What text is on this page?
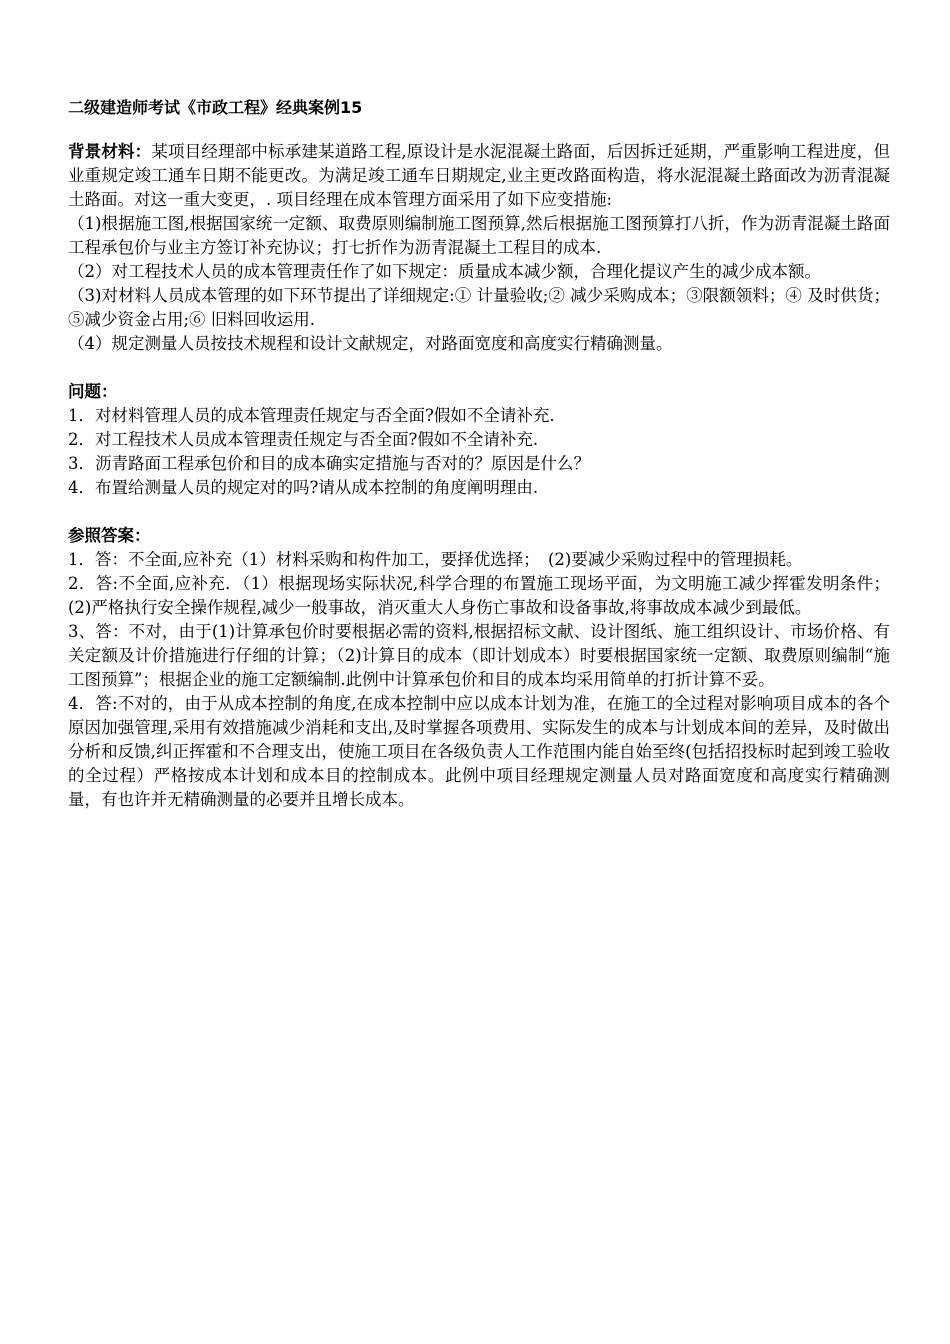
二级建造师考试《市政工程》经典案例15

背景材料：某项目经理部中标承建某道路工程,原设计是水泥混凝土路面，后因拆迁延期，严重影响工程进度，但业重规定竣工通车日期不能更改。为满足竣工通车日期规定,业主更改路面构造，将水泥混凝土路面改为沥青混凝土路面。对这一重大变更，. 项目经理在成本管理方面采用了如下应变措施:

（1)根据施工图,根据国家统一定额、取费原则编制施工图预算,然后根据施工图预算打八折，作为沥青混凝土路面工程承包价与业主方签订补充协议；打七折作为沥青混凝土工程目的成本.

（2）对工程技术人员的成本管理责任作了如下规定：质量成本减少额，合理化提议产生的减少成本额。

（3)对材料人员成本管理的如下环节提出了详细规定:① 计量验收;② 减少采购成本；③限额领料；④ 及时供货；⑤减少资金占用;⑥ 旧料回收运用.

（4）规定测量人员按技术规程和设计文献规定，对路面宽度和高度实行精确测量。

问题：

1．对材料管理人员的成本管理责任规定与否全面?假如不全请补充.

2．对工程技术人员成本管理责任规定与否全面?假如不全请补充.

3．沥青路面工程承包价和目的成本确实定措施与否对的？原因是什么？

4．布置给测量人员的规定对的吗?请从成本控制的角度阐明理由.

参照答案：

1．答：不全面,应补充（1）材料采购和构件加工，要择优选择；　(2)要减少采购过程中的管理损耗。

2．答:不全面,应补充．（1）根据现场实际状况,科学合理的布置施工现场平面，为文明施工减少挥霍发明条件；(2)严格执行安全操作规程,减少一般事故，消灭重大人身伤亡事故和设备事故,将事故成本减少到最低。

3、答：不对，由于(1)计算承包价时要根据必需的资料,根据招标文献、设计图纸、施工组织设计、市场价格、有关定额及计价措施进行仔细的计算；（2)计算目的成本（即计划成本）时要根据国家统一定额、取费原则编制“施工图预算”；根据企业的施工定额编制.此例中计算承包价和目的成本均采用简单的打折计算不妥。

4．答:不对的，由于从成本控制的角度,在成本控制中应以成本计划为准，在施工的全过程对影响项目成本的各个原因加强管理,采用有效措施减少消耗和支出,及时掌握各项费用、实际发生的成本与计划成本间的差异，及时做出分析和反馈,纠正挥霍和不合理支出，使施工项目在各级负责人工作范围内能自始至终(包括招投标时起到竣工验收的全过程）严格按成本计划和成本目的控制成本。此例中项目经理规定测量人员对路面宽度和高度实行精确测量，有也许并无精确测量的必要并且增长成本。
